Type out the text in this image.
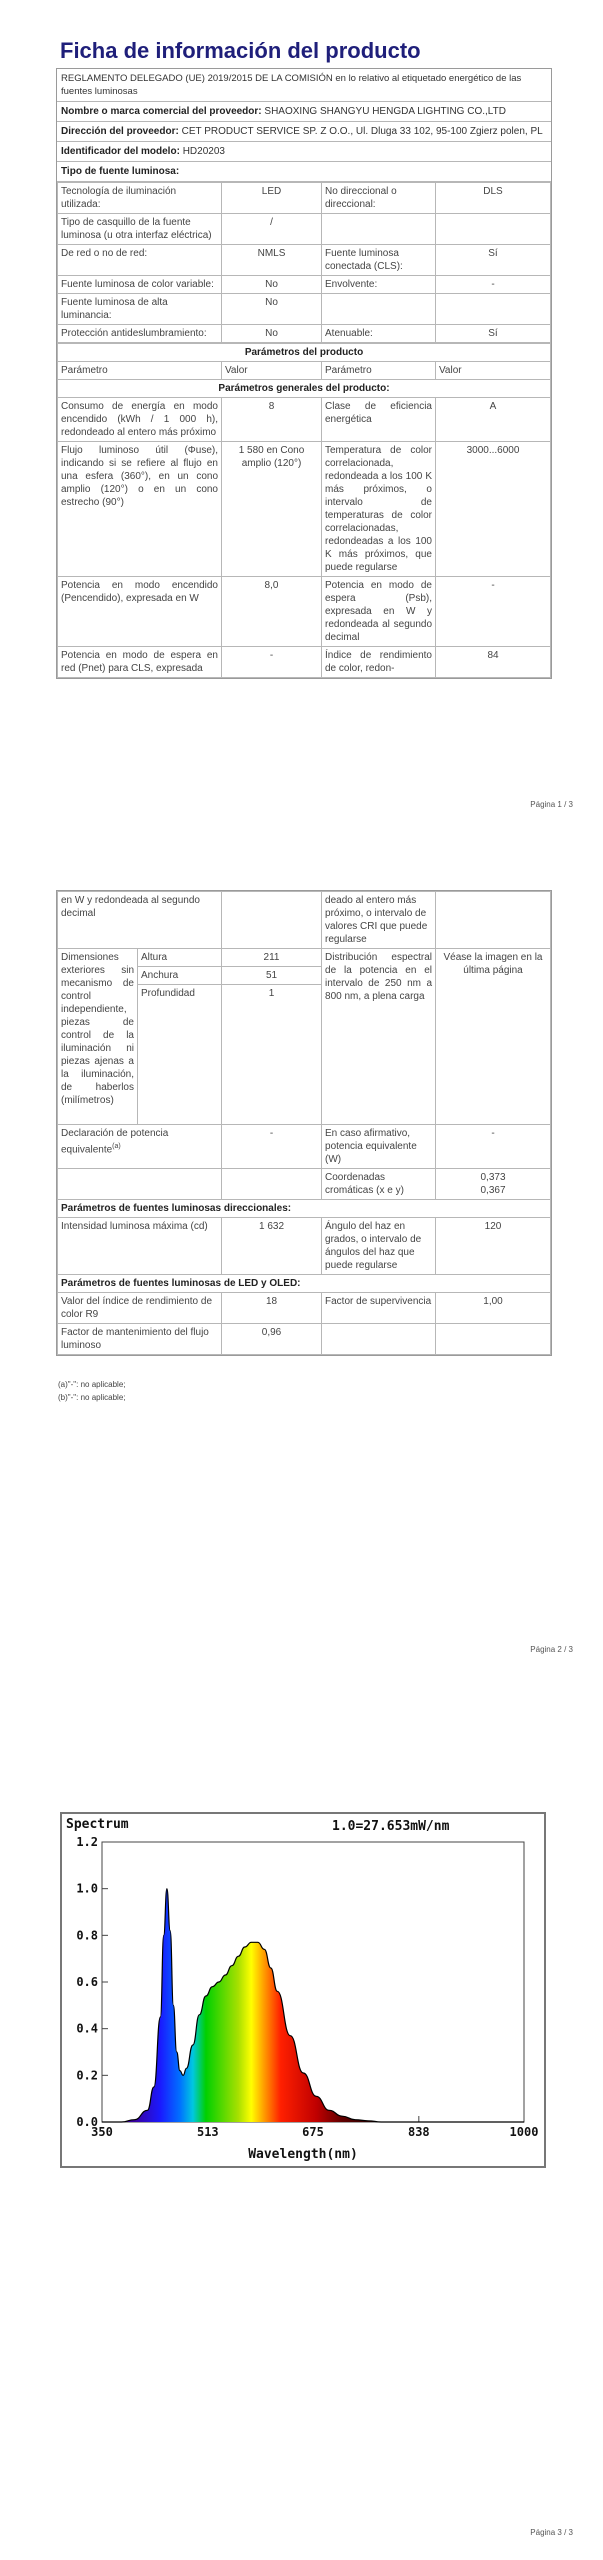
Ficha de información del producto
REGLAMENTO DELEGADO (UE) 2019/2015 DE LA COMISIÓN en lo relativo al etiquetado energético de las fuentes luminosas
Nombre o marca comercial del proveedor: SHAOXING SHANGYU HENGDA LIGHTING CO.,LTD
Dirección del proveedor: CET PRODUCT SERVICE SP. Z O.O., Ul. Dluga 33 102, 95-100 Zgierz polen, PL
Identificador del modelo: HD20203
Tipo de fuente luminosa:
Tecnología de iluminación utilizada:	LED	No direccional o direccional:	DLS
Tipo de casquillo de la fuente luminosa (u otra interfaz eléctrica)	/		
De red o no de red:	NMLS	Fuente luminosa conectada (CLS):	Sí
Fuente luminosa de color variable:	No	Envolvente:	-
Fuente luminosa de alta luminancia:	No		
Protección antideslumbramiento:	No	Atenuable:	Sí
Parámetros del producto			

Parámetro	Valor	Parámetro	Valor
Parámetros generales del producto:			
Consumo de energía en modo encendido (kWh / 1 000 h), redondeado al entero más próximo	8	Clase de eficiencia energética	A
Flujo luminoso útil (Φuse), indicando si se refiere al flujo en una esfera (360°), en un cono amplio (120°) o en un cono estrecho (90°)	1 580 en Cono amplio (120°)	Temperatura de color correlacionada, redondeada a los 100 K más próximos, o intervalo de temperaturas de color correlacionadas, redondeadas a los 100 K más próximos, que puede regularse	3000...6000
Potencia en modo encendido (Pencendido), expresada en W	8,0	Potencia en modo de espera (Psb), expresada en W y redondeada al segundo decimal	-
Potencia en modo de espera en red (Pnet) para CLS, expresada	-	Índice de rendimiento de color, redon-	84
Página 1 / 3
en W y redondeada al segundo decimal			deado al entero más próximo, o intervalo de valores CRI que puede regularse	
Dimensiones exteriores sin mecanismo de control independiente, piezas de control de la iluminación ni piezas ajenas a la iluminación, de haberlos (milímetros)	Altura	211	Distribución espectral de la potencia en el intervalo de 250 nm a 800 nm, a plena carga	Véase la imagen en la última página
	Anchura	51		
	Profundidad	1		
Declaración de potencia equivalente$^{(a)}$		-	En caso afirmativo, potencia equivalente (W)	-
			Coordenadas cromáticas (x e y)	0,373
0,367

Parámetros de fuentes luminosas direccionales:				
Intensidad luminosa máxima (cd)		1 632	Ángulo del haz en grados, o intervalo de ángulos del haz que puede regularse	120
Parámetros de fuentes luminosas de LED y OLED:				
Valor del índice de rendimiento de color R9		18	Factor de supervivencia	1,00
Factor de mantenimiento del flujo luminoso		0,96		
(a)"-": no aplicable;
(b)"-": no aplicable;
Página 2 / 3
Spectrum	1.0=27.653mW/nm
0.0
0.2
0.4
0.6
0.8
1.0
1.2
350	513	675	838	1000
Wavelength(nm)
Página 3 / 3
